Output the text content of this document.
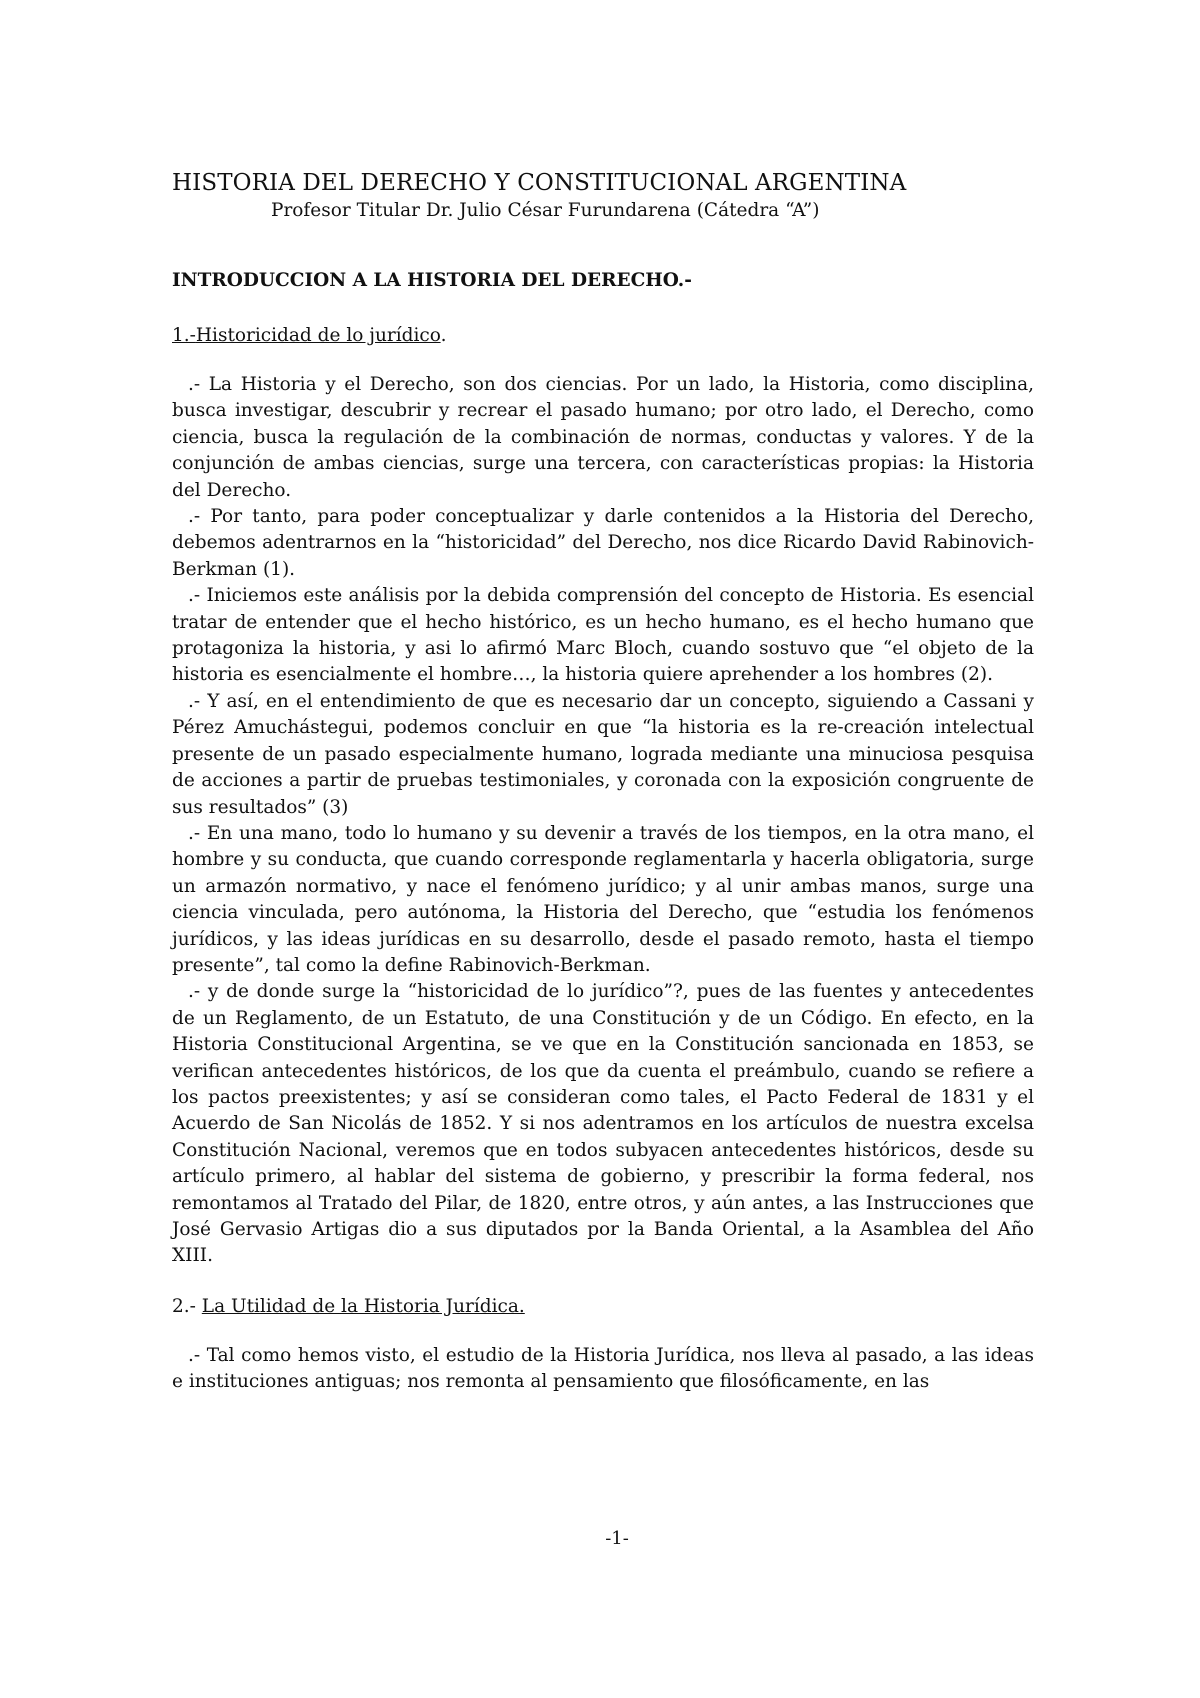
HISTORIA DEL DERECHO Y CONSTITUCIONAL ARGENTINA

Profesor Titular Dr. Julio César Furundarena (Cátedra “A”)

INTRODUCCION A LA HISTORIA DEL DERECHO.-

1.-Historicidad de lo jurídico.

.- La Historia y el Derecho, son dos ciencias. Por un lado, la Historia, como disciplina, busca investigar, descubrir y recrear el pasado humano; por otro lado, el Derecho, como ciencia, busca la regulación de la combinación de normas, conductas y valores. Y de la conjunción de ambas ciencias, surge una tercera, con características propias: la Historia del Derecho.

.- Por tanto, para poder conceptualizar y darle contenidos a la Historia del Derecho, debemos adentrarnos en la “historicidad” del Derecho, nos dice Ricardo David Rabinovich-Berkman (1).

.- Iniciemos este análisis por la debida comprensión del concepto de Historia. Es esencial tratar de entender que el hecho histórico, es un hecho humano, es el hecho humano que protagoniza la historia, y asi lo afirmó Marc Bloch, cuando sostuvo que “el objeto de la historia es esencialmente el hombre…, la historia quiere aprehender a los hombres (2).

.- Y así, en el entendimiento de que es necesario dar un concepto, siguiendo a Cassani y Pérez Amuchástegui, podemos concluir en que “la historia es la re-creación intelectual presente de un pasado especialmente humano, lograda mediante una minuciosa pesquisa de acciones a partir de pruebas testimoniales, y coronada con la exposición congruente de sus resultados” (3)

.- En una mano, todo lo humano y su devenir a través de los tiempos, en la otra mano, el hombre y su conducta, que cuando corresponde reglamentarla y hacerla obligatoria, surge un armazón normativo, y nace el fenómeno jurídico; y al unir ambas manos, surge una ciencia vinculada, pero autónoma, la Historia del Derecho, que “estudia los fenómenos jurídicos, y las ideas jurídicas en su desarrollo, desde el pasado remoto, hasta el tiempo presente”, tal como la define Rabinovich-Berkman.

.- y de donde surge la “historicidad de lo jurídico”?, pues de las fuentes y antecedentes de un Reglamento, de un Estatuto, de una Constitución y de un Código. En efecto, en la Historia Constitucional Argentina, se ve que en la Constitución sancionada en 1853, se verifican antecedentes históricos, de los que da cuenta el preámbulo, cuando se refiere a los pactos preexistentes; y así se consideran como tales, el Pacto Federal de 1831 y el Acuerdo de San Nicolás de 1852. Y si nos adentramos en los artículos de nuestra excelsa Constitución Nacional, veremos que en todos subyacen antecedentes históricos, desde su artículo primero, al hablar del sistema de gobierno, y prescribir la forma federal, nos remontamos al Tratado del Pilar, de 1820, entre otros, y aún antes, a las Instrucciones que José Gervasio Artigas dio a sus diputados por la Banda Oriental, a la Asamblea del Año XIII.

2.- La Utilidad de la Historia Jurídica.

.- Tal como hemos visto, el estudio de la Historia Jurídica, nos lleva al pasado, a las ideas e instituciones antiguas; nos remonta al pensamiento que filosóficamente, en las

-1-
